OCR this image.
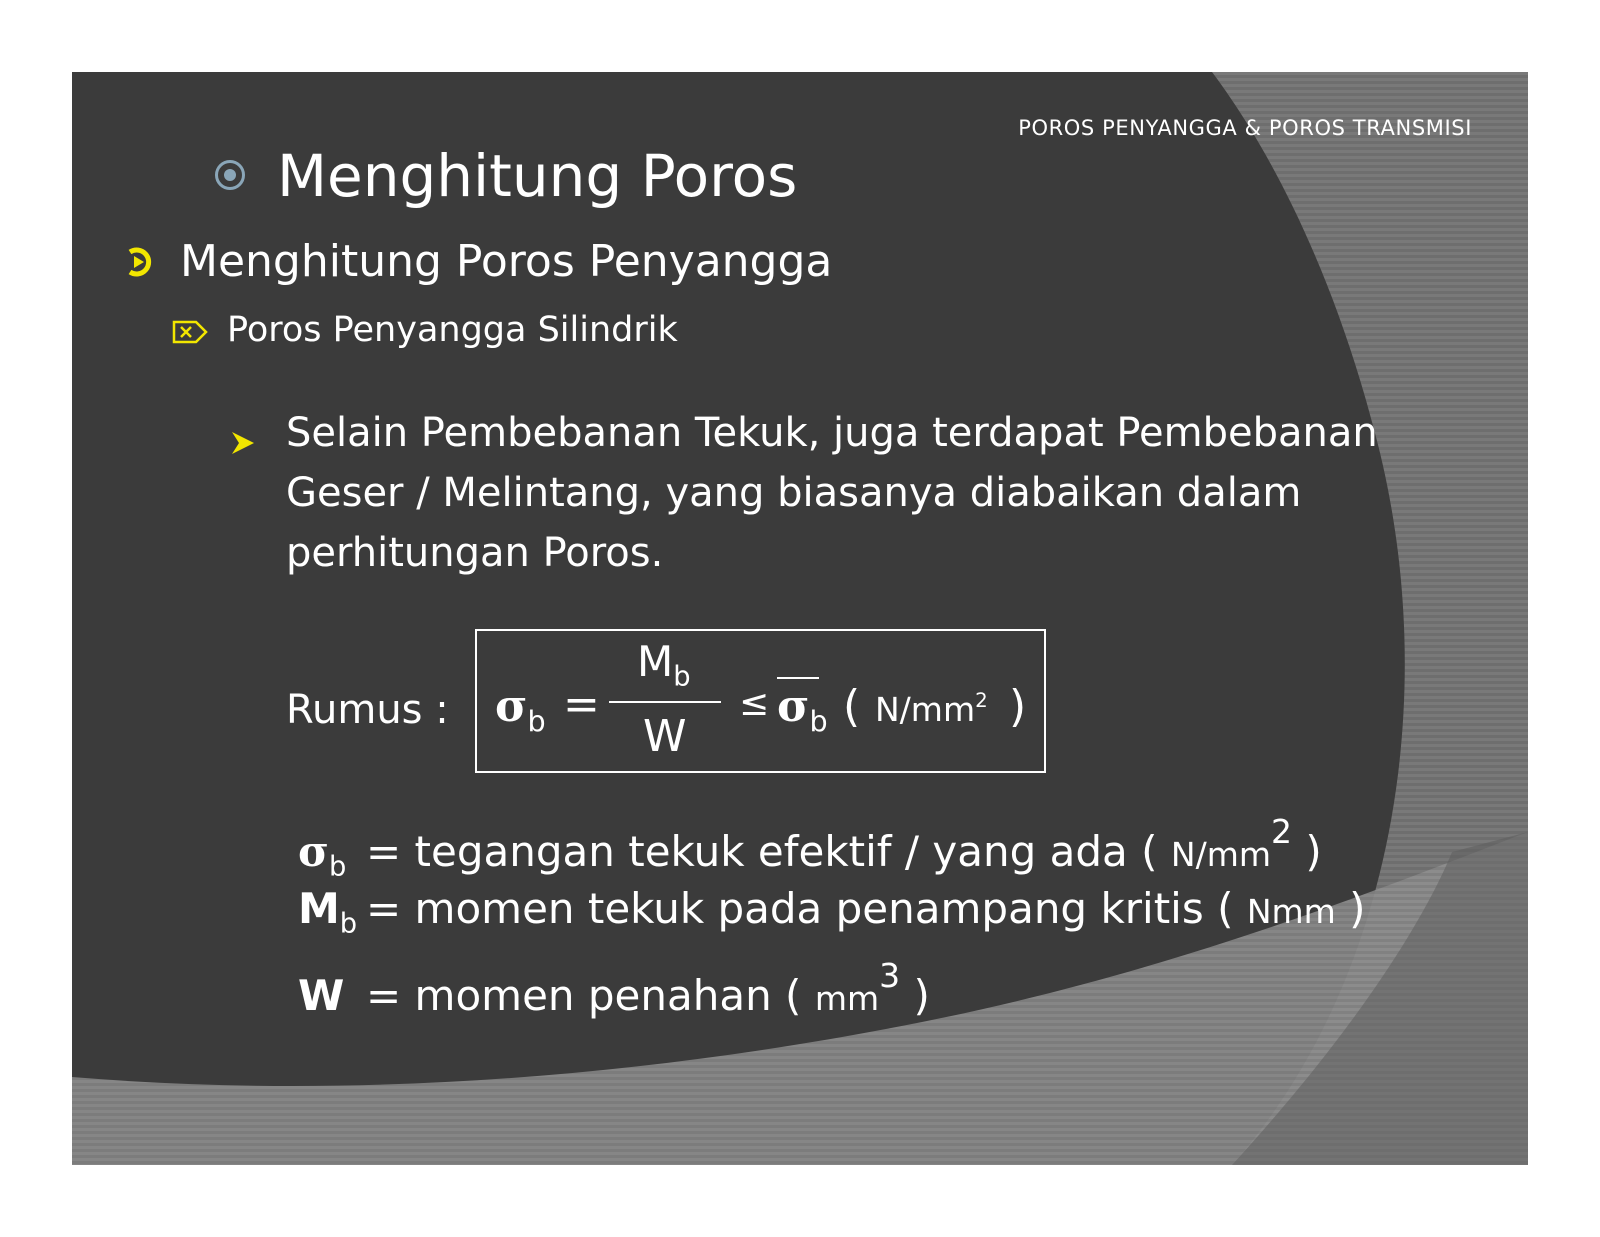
POROS PENYANGGA & POROS TRANSMISI
Menghitung Poros
Menghitung Poros Penyangga
Poros Penyangga Silindrik
Selain Pembebanan Tekuk, juga terdapat Pembebanan
Geser / Melintang, yang biasanya diabaikan dalam
perhitungan Poros.
Rumus : $\sigma_b$ =
$M_b$
W
≤ $\sigma_b$ ( $N/mm^2$ )
$\sigma_b$ = tegangan tekuk efektif / yang ada ( $N/mm^2$ )
$M_b$ = momen tekuk pada penampang kritis ( Nmm )
W = momen penahan ( $mm^3$ )
